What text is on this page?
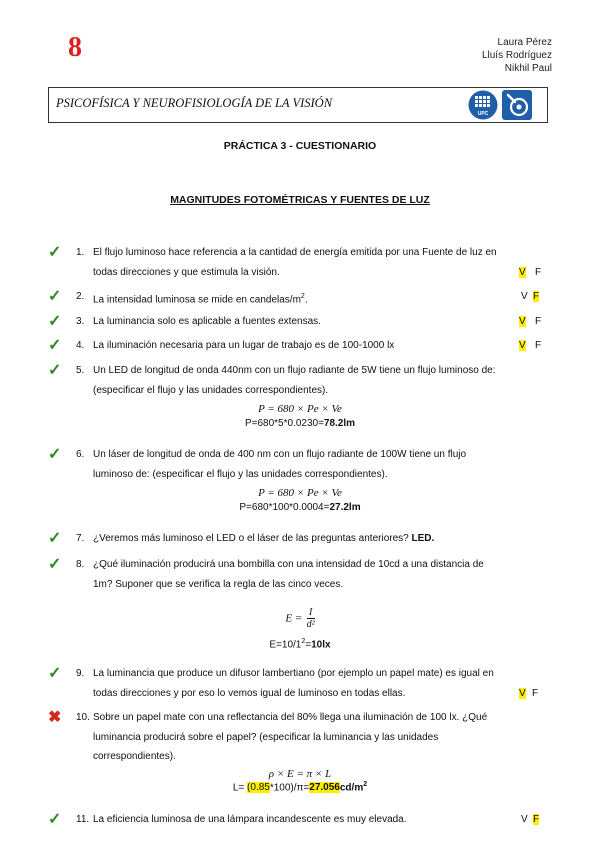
8	Laura Pérez
Lluís Rodríguez
Nikhil Paul
PSICOFÍSICA Y NEUROFISIOLOGÍA DE LA VISIÓN
UPC
PRÁCTICA 3 - CUESTIONARIO
MAGNITUDES FOTOMÉTRICAS Y FUENTES DE LUZ
✓ 1. El flujo luminoso hace referencia a la cantidad de energía emitida por una Fuente de luz en
todas direcciones y que estimula la visión.	V F
✓ 2. La intensidad luminosa se mide en candelas/$m^2$.	V F
✓ 3. La luminancia solo es aplicable a fuentes extensas.	V F
✓ 4. La iluminación necesaria para un lugar de trabajo es de 100-1000 lx	V F
✓ 5. Un LED de longitud de onda 440nm con un flujo radiante de 5W tiene un flujo luminoso de:
(especificar el flujo y las unidades correspondientes).
P = 680 × Pe × Ve
P=680*5*0.0230=78.2lm
✓ 6. Un láser de longitud de onda de 400 nm con un flujo radiante de 100W tiene un flujo
luminoso de: (especificar el flujo y las unidades correspondientes).
P = 680 × Pe × Ve
P=680*100*0.0004=27.2lm
✓ 7. ¿Veremos más luminoso el LED o el láser de las preguntas anteriores? LED.
✓ 8. ¿Qué iluminación producirá una bombilla con una intensidad de 10cd a una distancia de
1m? Suponer que se verifica la regla de las cinco veces.
$E = \frac{I}{\text{d²}}$
$E=10/1^2=10lx$
✓ 9. La luminancia que produce un difusor lambertiano (por ejemplo un papel mate) es igual en
todas direcciones y por eso lo vemos igual de luminoso en todas ellas.	V F
✖ 10. Sobre un papel mate con una reflectancia del 80% llega una iluminación de 100 lx. ¿Qué
luminancia producirá sobre el papel? (especificar la luminancia y las unidades
correspondientes).
ρ × E = π × L
$L= (0.85*100)/\pi=27.056cd/m^2$
✓ 11. La eficiencia luminosa de una lámpara incandescente es muy elevada.	V F
